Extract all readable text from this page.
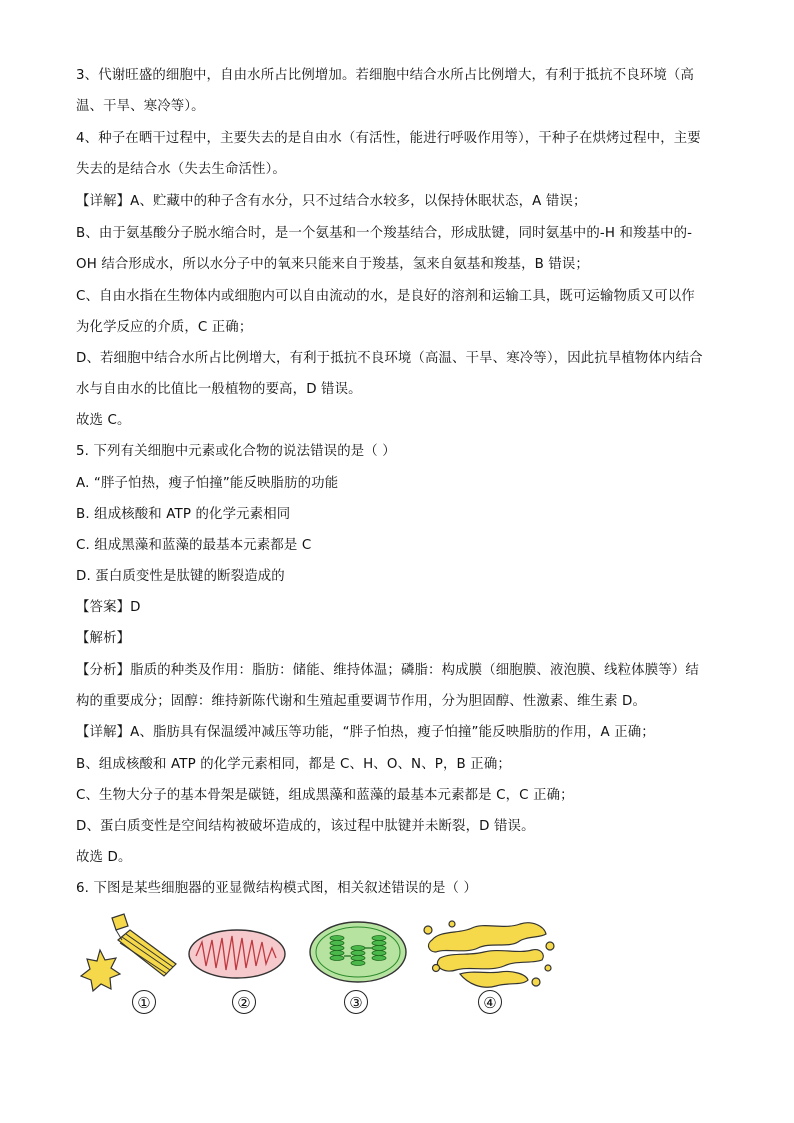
3、代谢旺盛的细胞中，自由水所占比例增加。若细胞中结合水所占比例增大，有利于抵抗不良环境（高
温、干旱、寒冷等）。
4、种子在晒干过程中，主要失去的是自由水（有活性，能进行呼吸作用等），干种子在烘烤过程中，主要
失去的是结合水（失去生命活性）。
【详解】A、贮藏中的种子含有水分，只不过结合水较多，以保持休眠状态，A 错误；
B、由于氨基酸分子脱水缩合时，是一个氨基和一个羧基结合，形成肽键，同时氨基中的-H 和羧基中的-
OH 结合形成水，所以水分子中的氧来只能来自于羧基，氢来自氨基和羧基，B 错误；
C、自由水指在生物体内或细胞内可以自由流动的水，是良好的溶剂和运输工具，既可运输物质又可以作
为化学反应的介质，C 正确；
D、若细胞中结合水所占比例增大，有利于抵抗不良环境（高温、干旱、寒冷等），因此抗旱植物体内结合
水与自由水的比值比一般植物的要高，D 错误。
故选 C。
5. 下列有关细胞中元素或化合物的说法错误的是（ ）
A. “胖子怕热，瘦子怕撞”能反映脂肪的功能
B. 组成核酸和 ATP 的化学元素相同
C. 组成黑藻和蓝藻的最基本元素都是 C
D. 蛋白质变性是肽键的断裂造成的
【答案】D
【解析】
【分析】脂质的种类及作用：脂肪：储能、维持体温；磷脂：构成膜（细胞膜、液泡膜、线粒体膜等）结
构的重要成分；固醇：维持新陈代谢和生殖起重要调节作用，分为胆固醇、性激素、维生素 D。
【详解】A、脂肪具有保温缓冲减压等功能，“胖子怕热，瘦子怕撞”能反映脂肪的作用，A 正确；
B、组成核酸和 ATP 的化学元素相同，都是 C、H、O、N、P，B 正确；
C、生物大分子的基本骨架是碳链，组成黑藻和蓝藻的最基本元素都是 C，C 正确；
D、蛋白质变性是空间结构被破坏造成的，该过程中肽键并未断裂，D 错误。
故选 D。
6. 下图是某些细胞器的亚显微结构模式图，相关叙述错误的是（ ）
①	②	③	④
